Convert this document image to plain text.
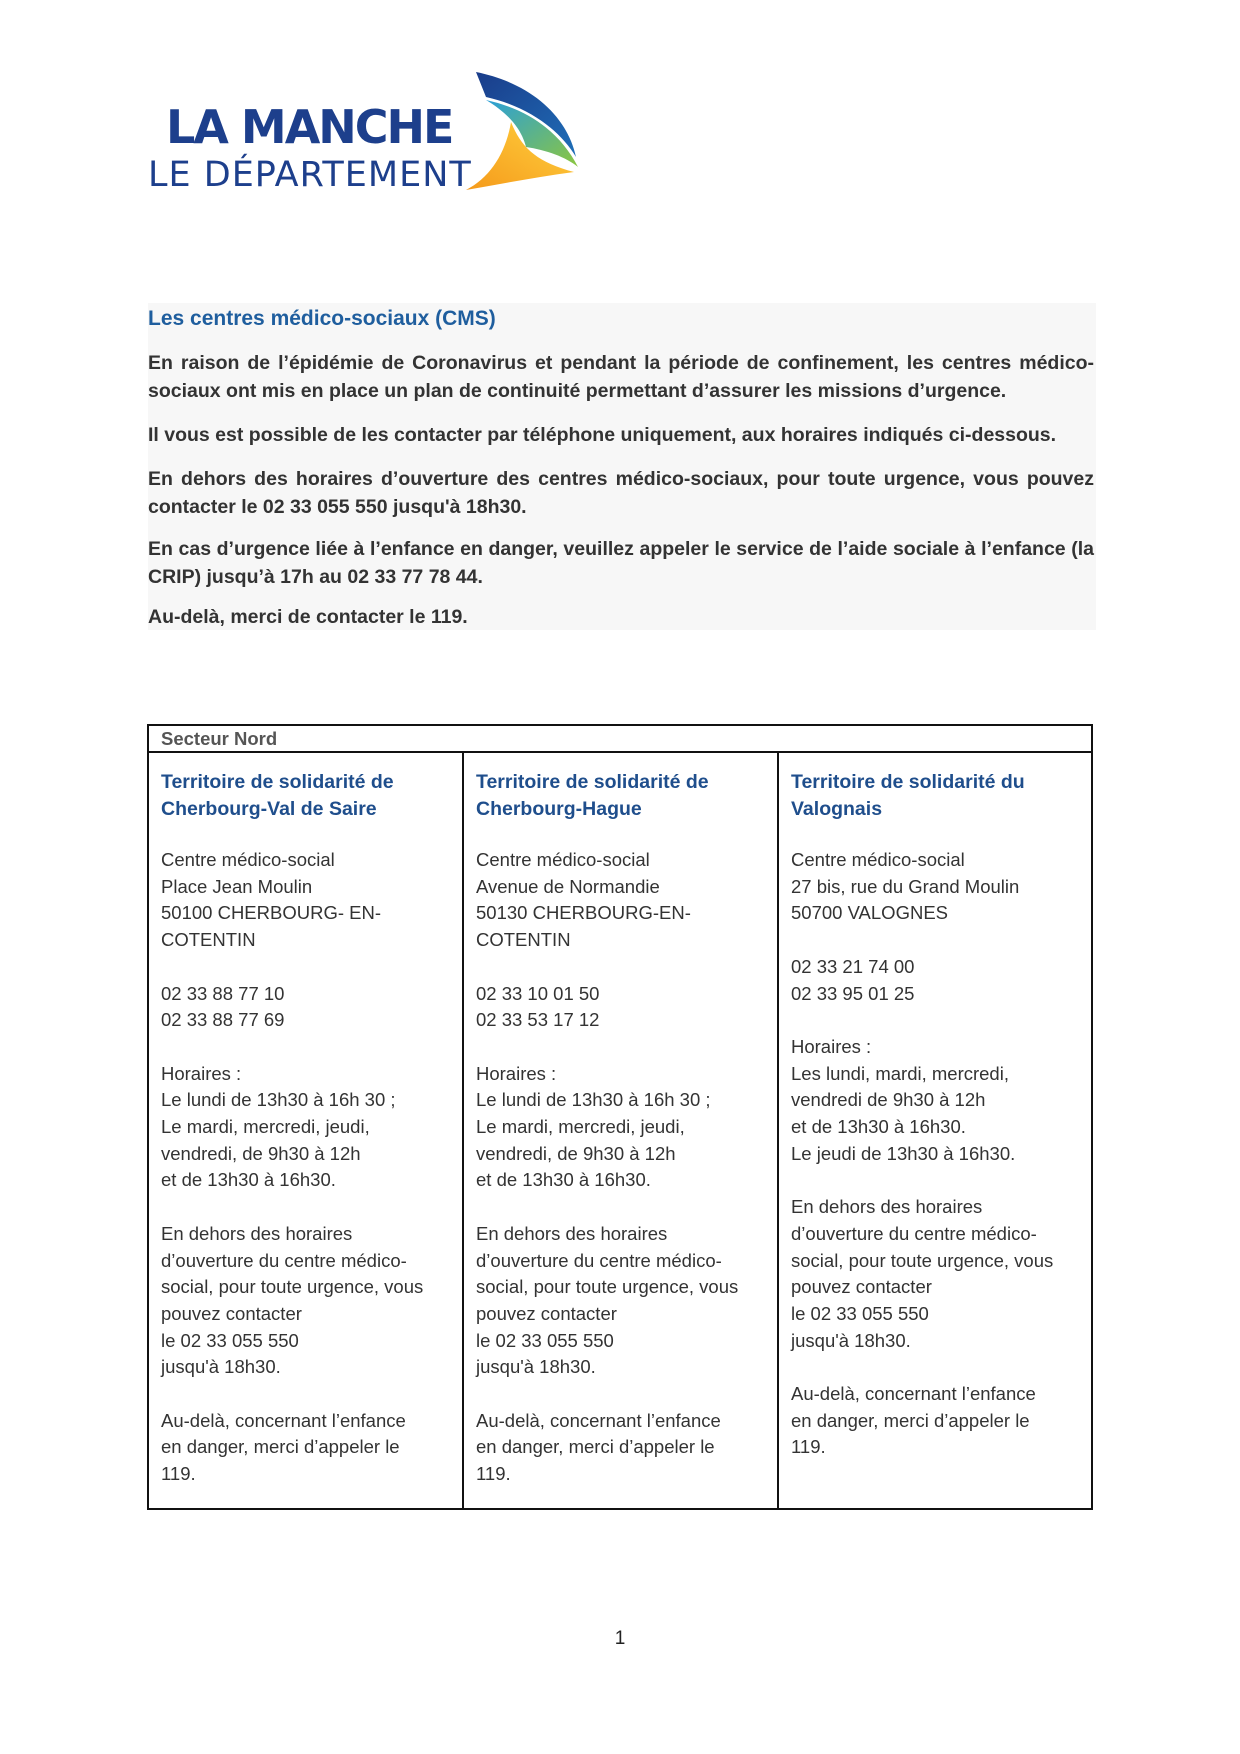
LA MANCHE
LE DÉPARTEMENT
Les centres médico-sociaux (CMS)

En raison de l’épidémie de Coronavirus et pendant la période de confinement, les centres médico-sociaux ont mis en place un plan de continuité permettant d’assurer les missions d’urgence.

Il vous est possible de les contacter par téléphone uniquement, aux horaires indiqués ci-dessous.

En dehors des horaires d’ouverture des centres médico-sociaux, pour toute urgence, vous pouvez contacter le 02 33 055 550 jusqu'à 18h30.

En cas d’urgence liée à l’enfance en danger, veuillez appeler le service de l’aide sociale à l’enfance (la CRIP) jusqu’à 17h au 02 33 77 78 44.

Au-delà, merci de contacter le 119.

Secteur Nord
Territoire de solidarité de
Cherbourg-Val de Saire
Centre médico-social
Place Jean Moulin
50100 CHERBOURG- EN-
COTENTIN
02 33 88 77 10
02 33 88 77 69
Horaires :
Le lundi de 13h30 à 16h 30 ;
Le mardi, mercredi, jeudi,
vendredi, de 9h30 à 12h
et de 13h30 à 16h30.
En dehors des horaires
d’ouverture du centre médico-
social, pour toute urgence, vous
pouvez contacter
le 02 33 055 550
jusqu'à 18h30.
Au-delà, concernant l’enfance
en danger, merci d’appeler le
119.
Territoire de solidarité de
Cherbourg-Hague
Centre médico-social
Avenue de Normandie
50130 CHERBOURG-EN-
COTENTIN
02 33 10 01 50
02 33 53 17 12
Horaires :
Le lundi de 13h30 à 16h 30 ;
Le mardi, mercredi, jeudi,
vendredi, de 9h30 à 12h
et de 13h30 à 16h30.
En dehors des horaires
d’ouverture du centre médico-
social, pour toute urgence, vous
pouvez contacter
le 02 33 055 550
jusqu'à 18h30.
Au-delà, concernant l’enfance
en danger, merci d’appeler le
119.
Territoire de solidarité du
Valognais
Centre médico-social
27 bis, rue du Grand Moulin
50700 VALOGNES
02 33 21 74 00
02 33 95 01 25
Horaires :
Les lundi, mardi, mercredi,
vendredi de 9h30 à 12h
et de 13h30 à 16h30.
Le jeudi de 13h30 à 16h30.
En dehors des horaires
d’ouverture du centre médico-
social, pour toute urgence, vous
pouvez contacter
le 02 33 055 550
jusqu'à 18h30.
Au-delà, concernant l’enfance
en danger, merci d’appeler le
119.
1
